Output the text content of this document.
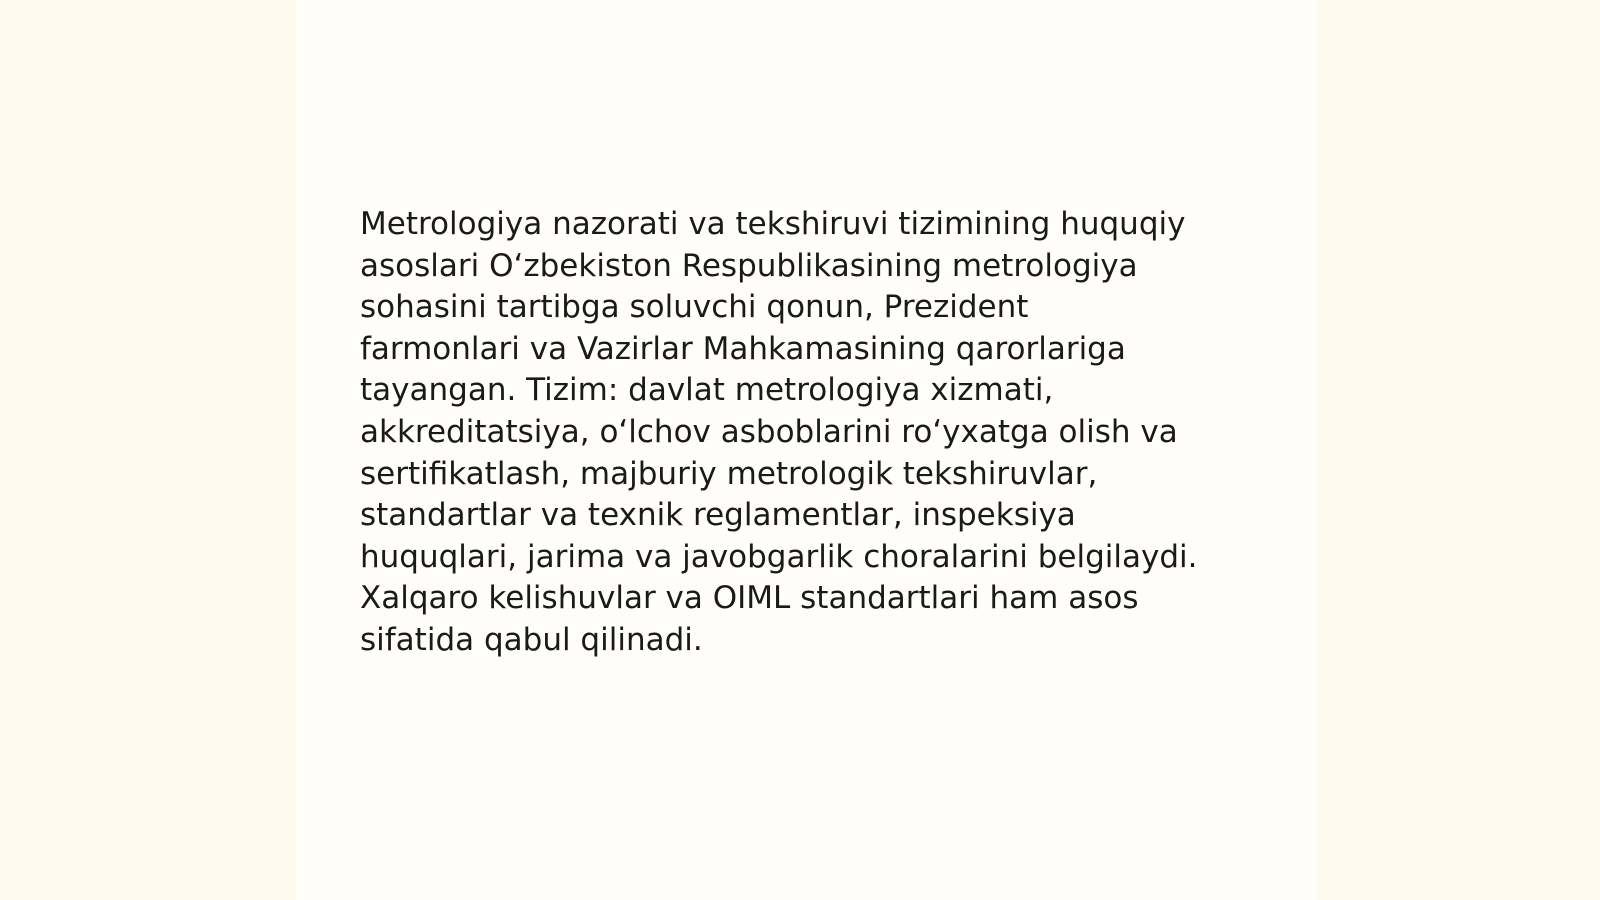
Metrologiya nazorati va tekshiruvi tizimining huquqiy
asoslari O‘zbekiston Respublikasining metrologiya
sohasini tartibga soluvchi qonun, Prezident
farmonlari va Vazirlar Mahkamasining qarorlariga
tayangan. Tizim: davlat metrologiya xizmati,
akkreditatsiya, o‘lchov asboblarini ro‘yxatga olish va
sertifikatlash, majburiy metrologik tekshiruvlar,
standartlar va texnik reglamentlar, inspeksiya
huquqlari, jarima va javobgarlik choralarini belgilaydi.
Xalqaro kelishuvlar va OIML standartlari ham asos
sifatida qabul qilinadi.
